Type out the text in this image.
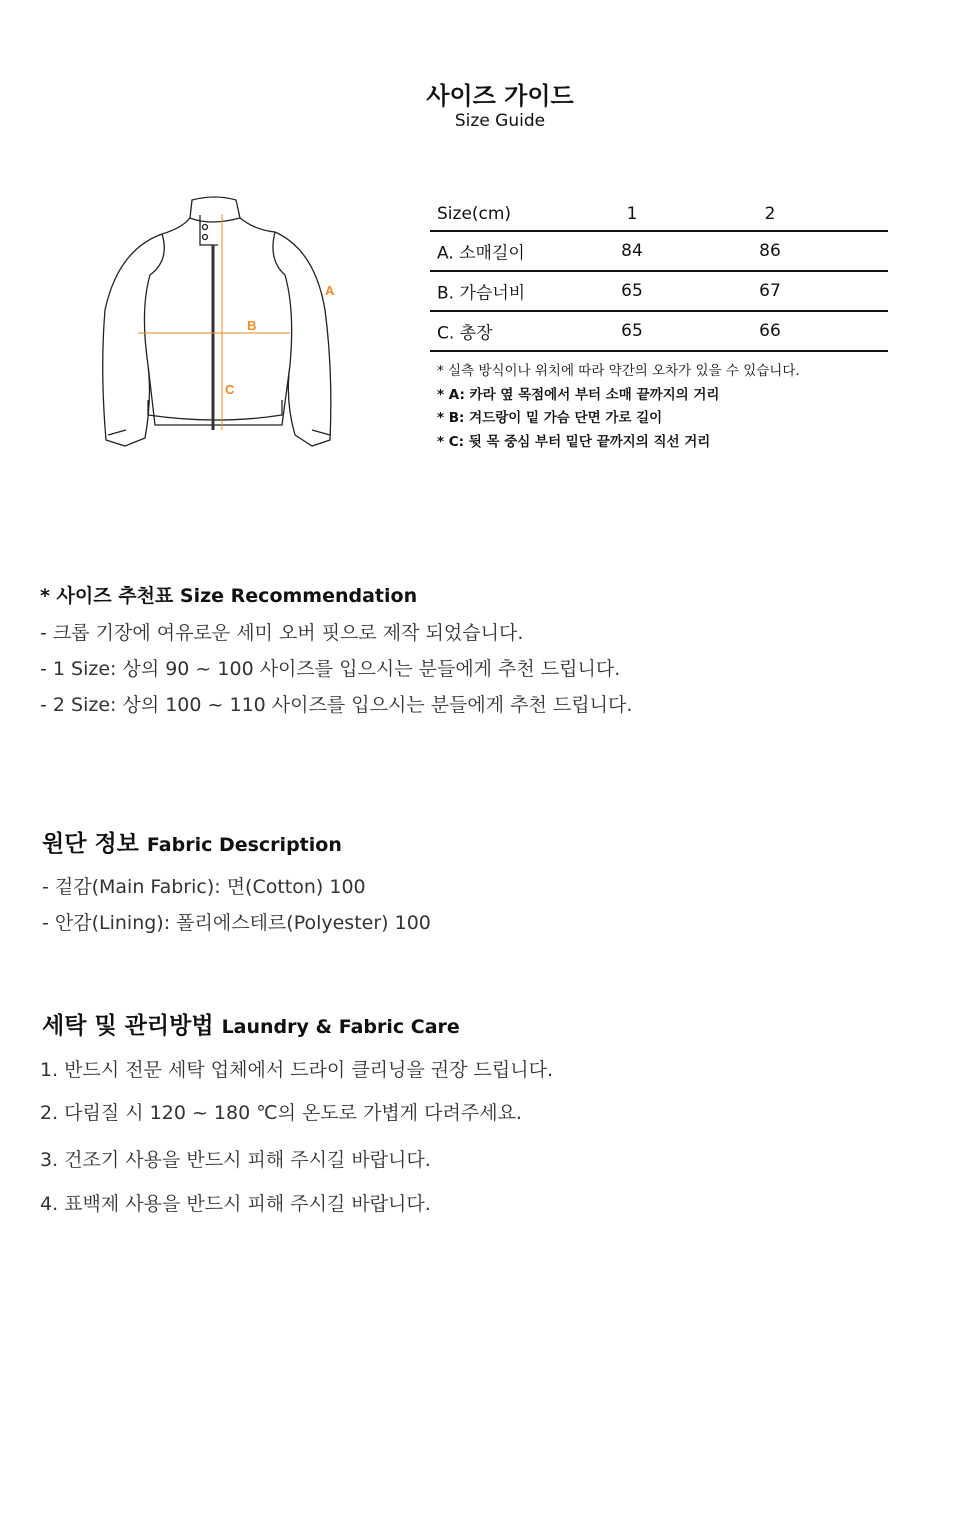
사이즈 가이드
Size Guide
A
B
C
Size(cm)	1	2
A. 소매길이	84	86
B. 가슴너비	65	67
C. 총장	65	66
* 실측 방식이나 위치에 따라 약간의 오차가 있을 수 있습니다.
* A: 카라 옆 목점에서 부터 소매 끝까지의 거리
* B: 겨드랑이 밑 가슴 단면 가로 길이
* C: 뒷 목 중심 부터 밑단 끝까지의 직선 거리
* 사이즈 추천표 Size Recommendation
- 크롭 기장에 여유로운 세미 오버 핏으로 제작 되었습니다.
- 1 Size: 상의 90 ~ 100 사이즈를 입으시는 분들에게 추천 드립니다.
- 2 Size: 상의 100 ~ 110 사이즈를 입으시는 분들에게 추천 드립니다.
원단 정보 Fabric Description
- 겉감(Main Fabric): 면(Cotton) 100
- 안감(Lining): 폴리에스테르(Polyester) 100
세탁 및 관리방법 Laundry & Fabric Care
1. 반드시 전문 세탁 업체에서 드라이 클리닝을 권장 드립니다.
2. 다림질 시 120 ~ 180 ℃의 온도로 가볍게 다려주세요.
3. 건조기 사용을 반드시 피해 주시길 바랍니다.
4. 표백제 사용을 반드시 피해 주시길 바랍니다.
